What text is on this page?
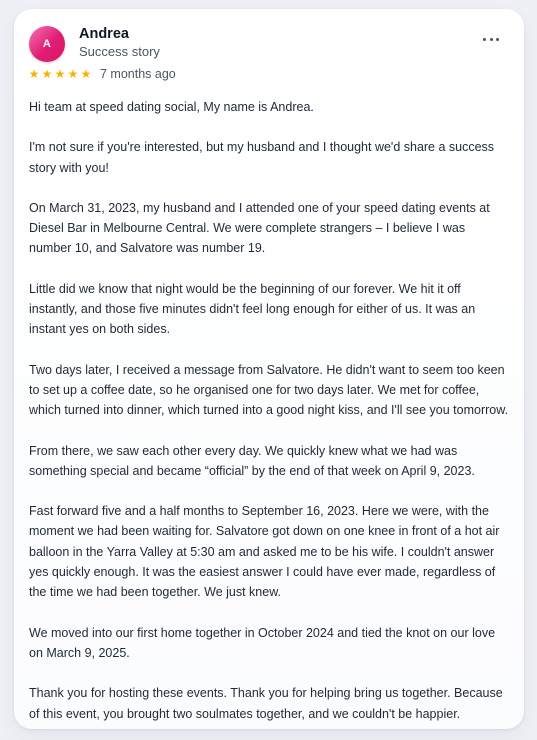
A
Andrea
Success story
★ ★ ★ ★ ★ 7 months ago

Hi team at speed dating social, My name is Andrea.

I'm not sure if you're interested, but my husband and I thought we'd share a success story with you!

On March 31, 2023, my husband and I attended one of your speed dating events at Diesel Bar in Melbourne Central. We were complete strangers – I believe I was number 10, and Salvatore was number 19.

Little did we know that night would be the beginning of our forever. We hit it off instantly, and those five minutes didn't feel long enough for either of us. It was an instant yes on both sides.

Two days later, I received a message from Salvatore. He didn't want to seem too keen to set up a coffee date, so he organised one for two days later. We met for coffee, which turned into dinner, which turned into a good night kiss, and I'll see you tomorrow.

From there, we saw each other every day. We quickly knew what we had was something special and became “official” by the end of that week on April 9, 2023.

Fast forward five and a half months to September 16, 2023. Here we were, with the moment we had been waiting for. Salvatore got down on one knee in front of a hot air balloon in the Yarra Valley at 5:30 am and asked me to be his wife. I couldn't answer yes quickly enough. It was the easiest answer I could have ever made, regardless of the time we had been together. We just knew.

We moved into our first home together in October 2024 and tied the knot on our love on March 9, 2025.

Thank you for hosting these events. Thank you for helping bring us together. Because of this event, you brought two soulmates together, and we couldn't be happier.
